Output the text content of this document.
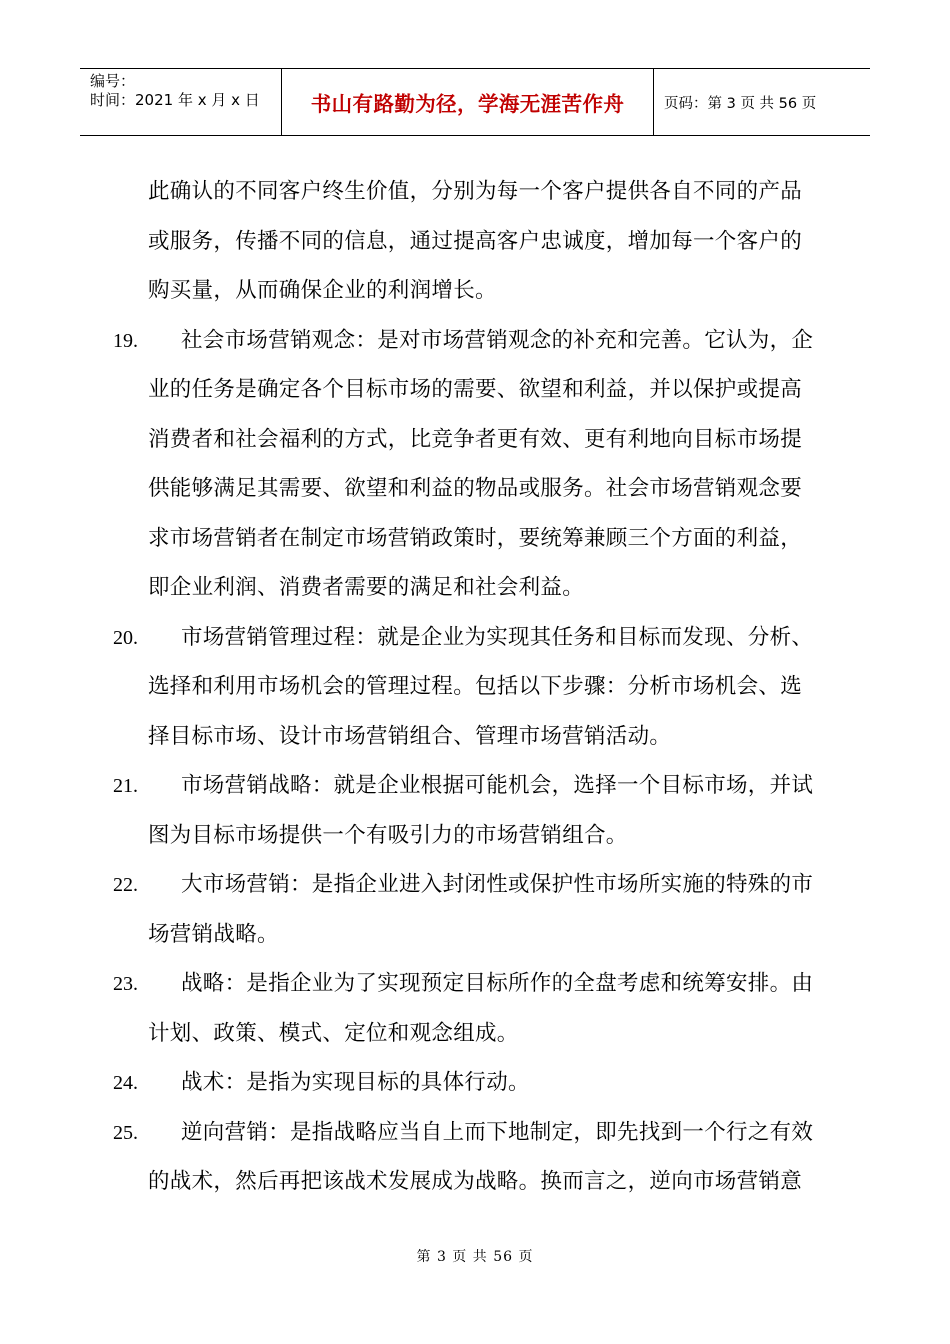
编号：
时间：2021 年 x 月 x 日	书山有路勤为径，学海无涯苦作舟	页码：第 3 页 共 56 页
此确认的不同客户终生价值，分别为每一个客户提供各自不同的产品
或服务，传播不同的信息，通过提高客户忠诚度，增加每一个客户的
购买量，从而确保企业的利润增长。
19. 社会市场营销观念：是对市场营销观念的补充和完善。它认为，企
业的任务是确定各个目标市场的需要、欲望和利益，并以保护或提高
消费者和社会福利的方式，比竞争者更有效、更有利地向目标市场提
供能够满足其需要、欲望和利益的物品或服务。社会市场营销观念要
求市场营销者在制定市场营销政策时，要统筹兼顾三个方面的利益，
即企业利润、消费者需要的满足和社会利益。
20. 市场营销管理过程：就是企业为实现其任务和目标而发现、分析、
选择和利用市场机会的管理过程。包括以下步骤：分析市场机会、选
择目标市场、设计市场营销组合、管理市场营销活动。
21. 市场营销战略：就是企业根据可能机会，选择一个目标市场，并试
图为目标市场提供一个有吸引力的市场营销组合。
22. 大市场营销：是指企业进入封闭性或保护性市场所实施的特殊的市
场营销战略。
23. 战略：是指企业为了实现预定目标所作的全盘考虑和统筹安排。由
计划、政策、模式、定位和观念组成。
24. 战术：是指为实现目标的具体行动。
25. 逆向营销：是指战略应当自上而下地制定，即先找到一个行之有效
的战术，然后再把该战术发展成为战略。换而言之，逆向市场营销意
第 3 页 共 56 页
